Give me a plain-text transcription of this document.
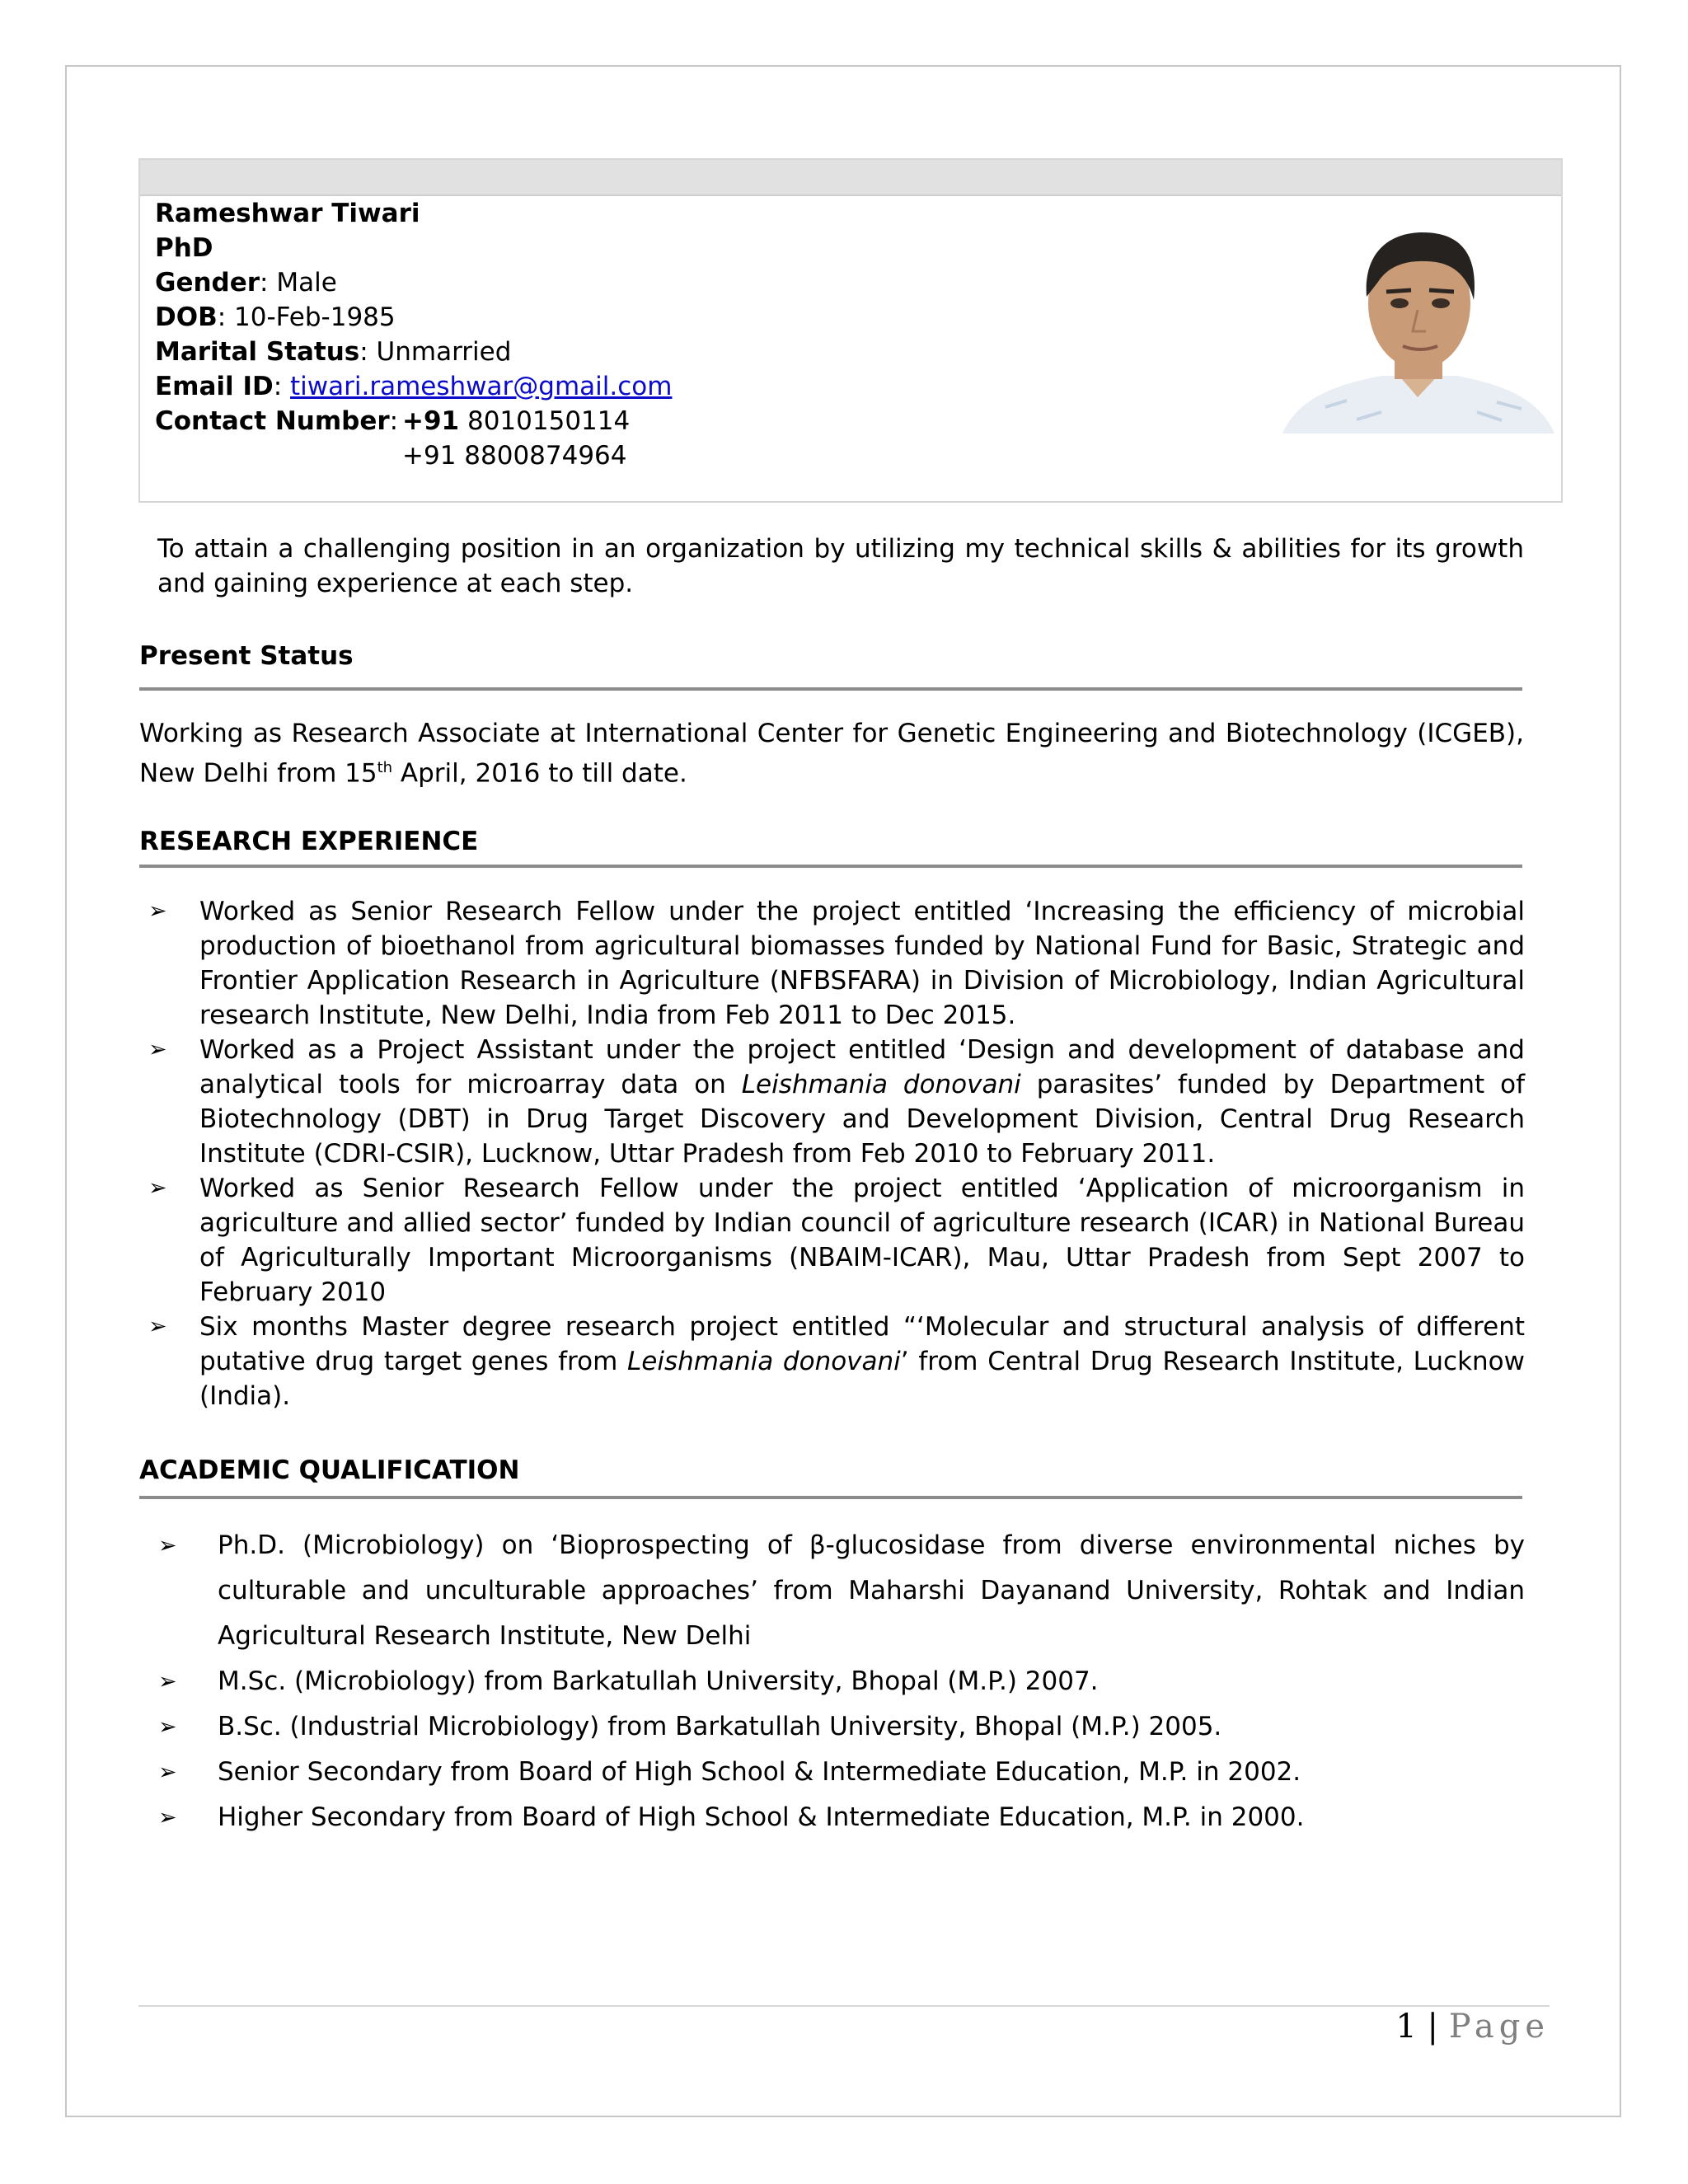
Rameshwar Tiwari
PhD
Gender: Male
DOB: 10-Feb-1985
Marital Status: Unmarried
Email ID: tiwari.rameshwar@gmail.com
Contact Number:
+91 8010150114
+91 8800874964
To attain a challenging position in an organization by utilizing my technical skills & abilities for its growth and gaining experience at each step.
Present Status
Working as Research Associate at International Center for Genetic Engineering and Biotechnology (ICGEB), New Delhi from 15th April, 2016 to till date.
RESEARCH EXPERIENCE
➢ Worked as Senior Research Fellow under the project entitled ‘Increasing the efficiency of microbial production of bioethanol from agricultural biomasses funded by National Fund for Basic, Strategic and Frontier Application Research in Agriculture (NFBSFARA) in Division of Microbiology, Indian Agricultural research Institute, New Delhi, India from Feb 2011 to Dec 2015.
➢ Worked as a Project Assistant under the project entitled ‘Design and development of database and analytical tools for microarray data on Leishmania donovani parasites’ funded by Department of Biotechnology (DBT) in Drug Target Discovery and Development Division, Central Drug Research Institute (CDRI-CSIR), Lucknow, Uttar Pradesh from Feb 2010 to February 2011.
➢ Worked as Senior Research Fellow under the project entitled ‘Application of microorganism in agriculture and allied sector’ funded by Indian council of agriculture research (ICAR) in National Bureau of Agriculturally Important Microorganisms (NBAIM-ICAR), Mau, Uttar Pradesh from Sept 2007 to February 2010
➢ Six months Master degree research project entitled “‘Molecular and structural analysis of different putative drug target genes from Leishmania donovani’ from Central Drug Research Institute, Lucknow (India).
ACADEMIC QUALIFICATION
➢ Ph.D. (Microbiology) on ‘Bioprospecting of β-glucosidase from diverse environmental niches by culturable and unculturable approaches’ from Maharshi Dayanand University, Rohtak and Indian Agricultural Research Institute, New Delhi
➢ M.Sc. (Microbiology) from Barkatullah University, Bhopal (M.P.) 2007.
➢ B.Sc. (Industrial Microbiology) from Barkatullah University, Bhopal (M.P.) 2005.
➢ Senior Secondary from Board of High School & Intermediate Education, M.P. in 2002.
➢ Higher Secondary from Board of High School & Intermediate Education, M.P. in 2000.
1 | Page
